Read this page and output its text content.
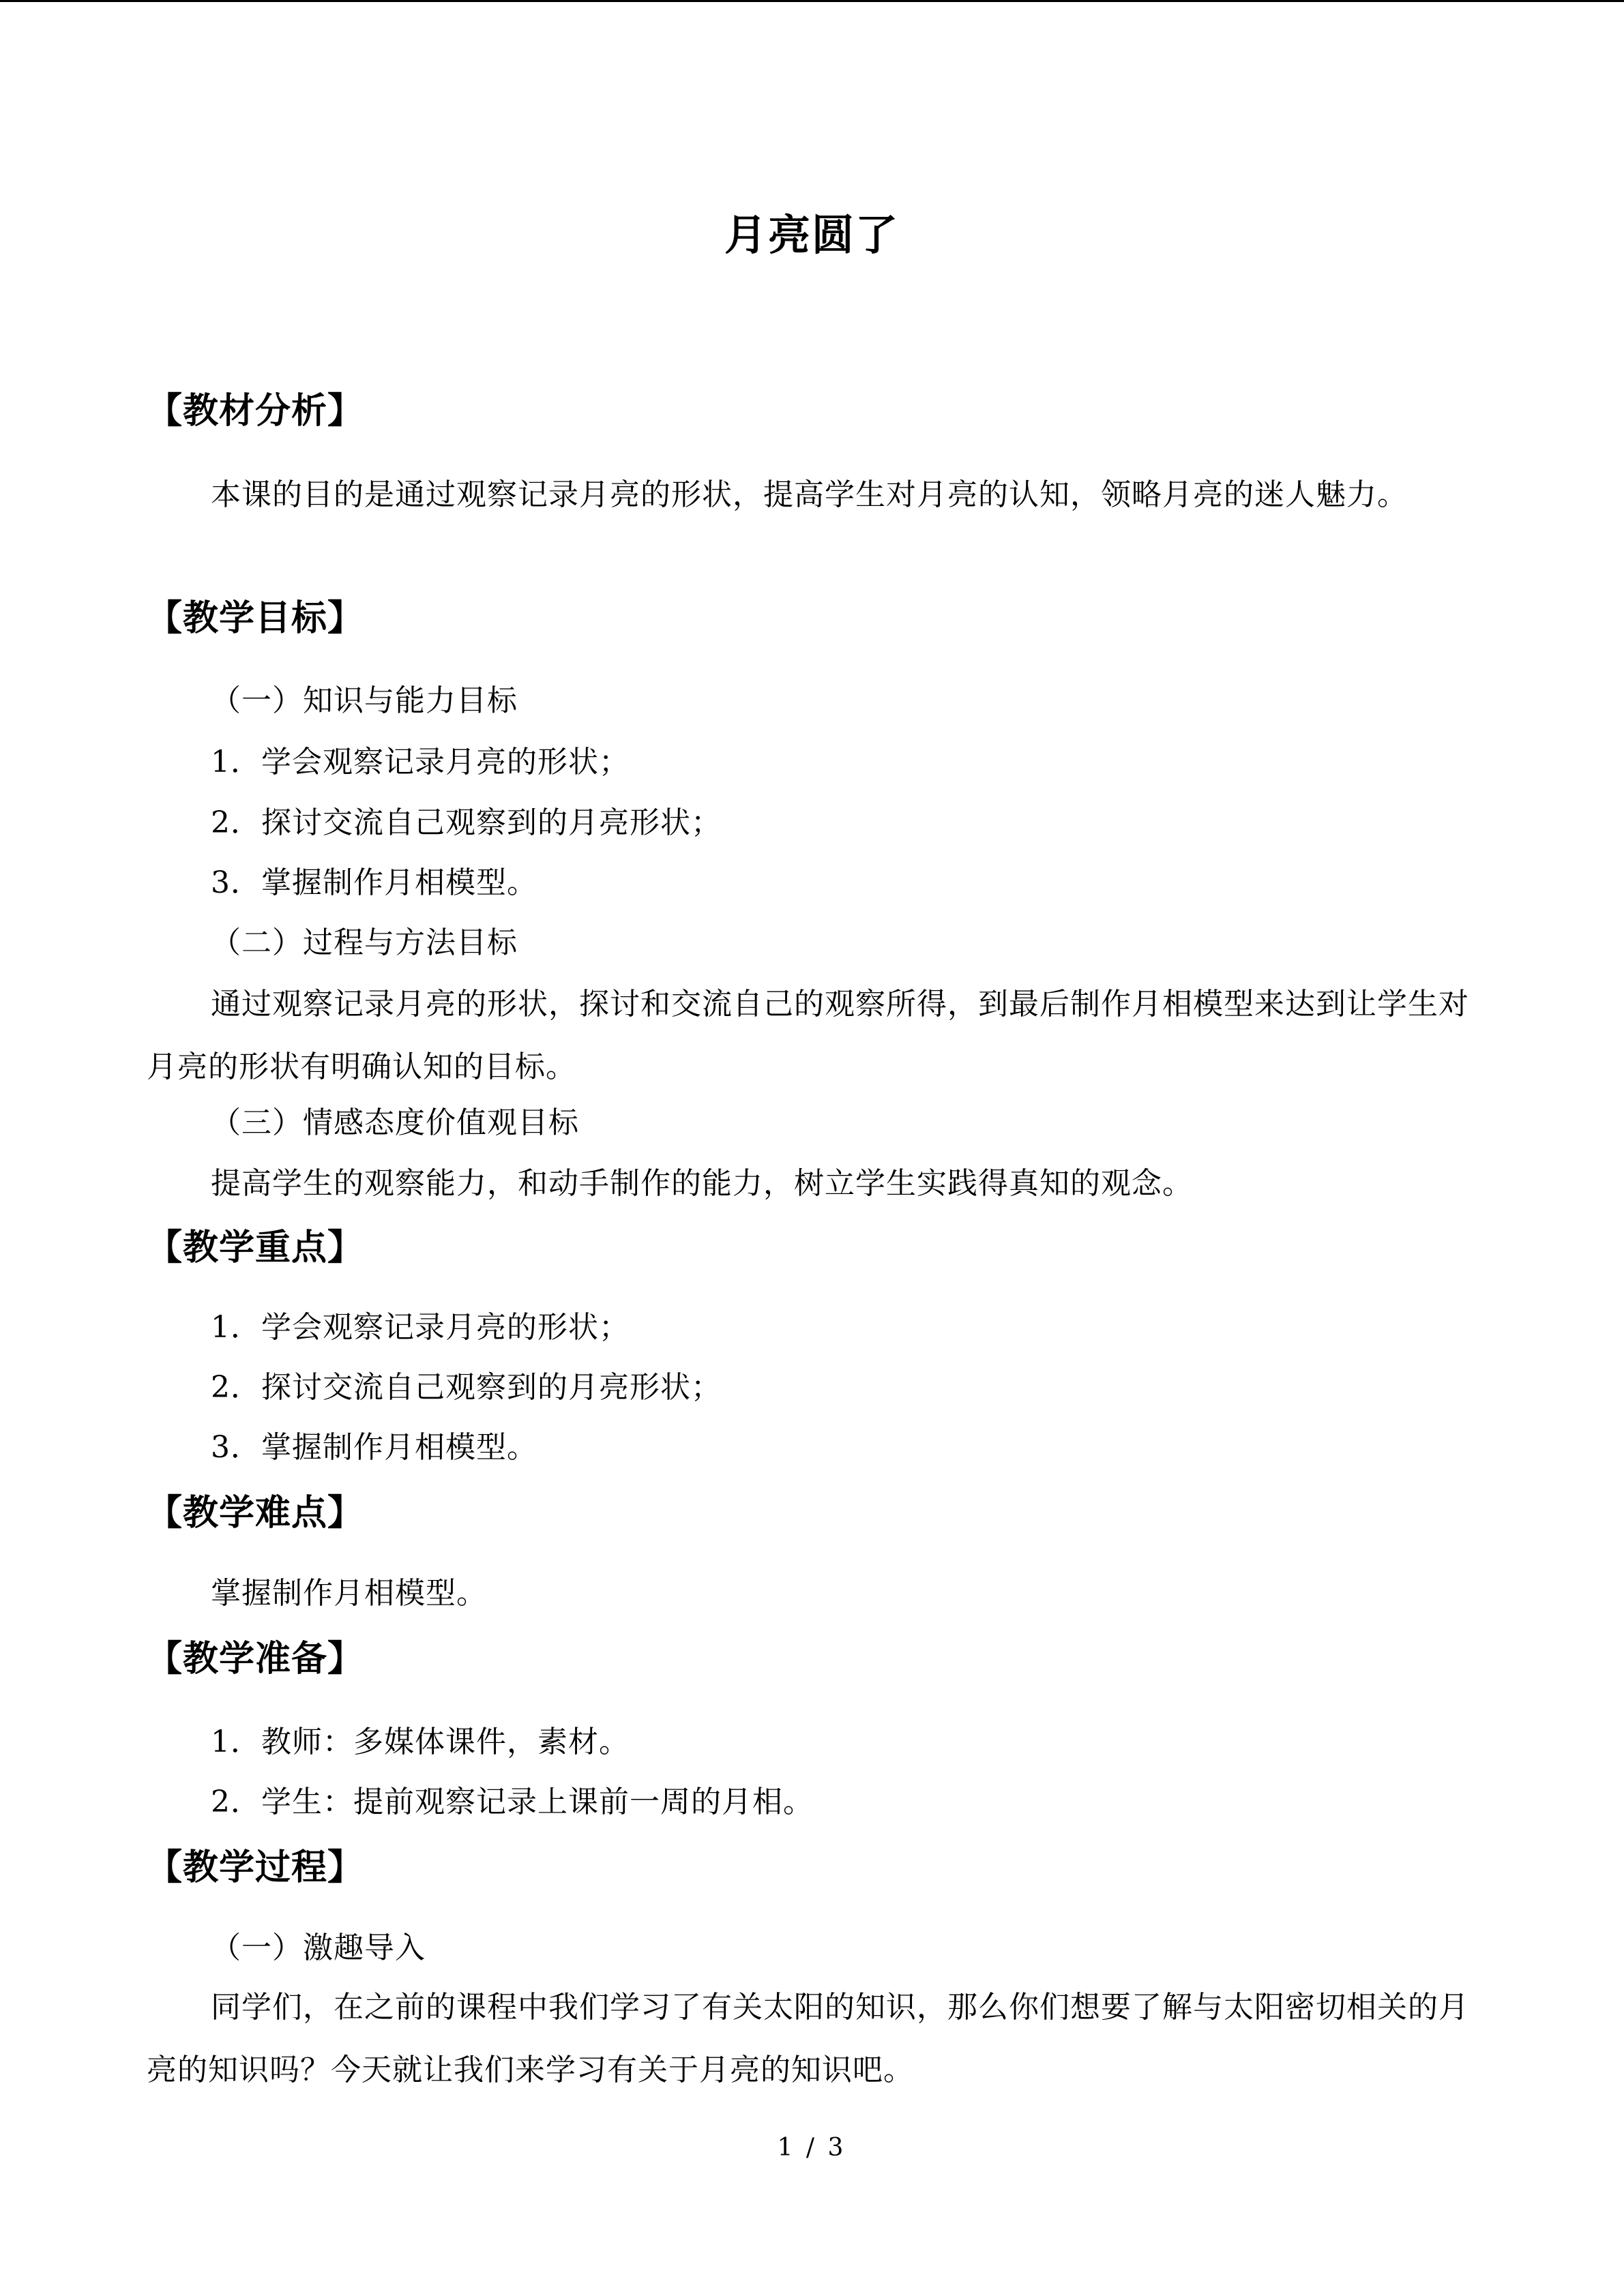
月亮圆了
【教材分析】
本课的目的是通过观察记录月亮的形状，提高学生对月亮的认知，领略月亮的迷人魅力。
【教学目标】
（一）知识与能力目标
1．学会观察记录月亮的形状；
2．探讨交流自己观察到的月亮形状；
3．掌握制作月相模型。
（二）过程与方法目标
通过观察记录月亮的形状，探讨和交流自己的观察所得，到最后制作月相模型来达到让学生对月亮的形状有明确认知的目标。
（三）情感态度价值观目标
提高学生的观察能力，和动手制作的能力，树立学生实践得真知的观念。
【教学重点】
1．学会观察记录月亮的形状；
2．探讨交流自己观察到的月亮形状；
3．掌握制作月相模型。
【教学难点】
掌握制作月相模型。
【教学准备】
1．教师：多媒体课件，素材。
2．学生：提前观察记录上课前一周的月相。
【教学过程】
（一）激趣导入
同学们，在之前的课程中我们学习了有关太阳的知识，那么你们想要了解与太阳密切相关的月亮的知识吗？今天就让我们来学习有关于月亮的知识吧。
1 / 3
